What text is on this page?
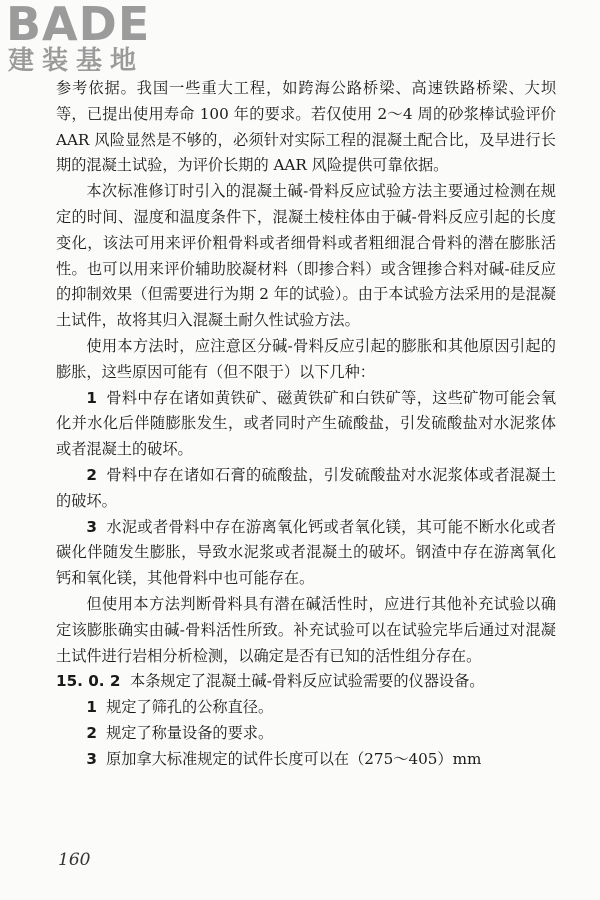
BADE
建装基地

参考依据。我国一些重大工程，如跨海公路桥梁、高速铁路桥梁、大坝等，已提出使用寿命 100 年的要求。若仅使用 2～4 周的砂浆棒试验评价 AAR 风险显然是不够的，必须针对实际工程的混凝土配合比，及早进行长期的混凝土试验，为评价长期的 AAR 风险提供可靠依据。

本次标准修订时引入的混凝土碱-骨料反应试验方法主要通过检测在规定的时间、湿度和温度条件下，混凝土棱柱体由于碱-骨料反应引起的长度变化，该法可用来评价粗骨料或者细骨料或者粗细混合骨料的潜在膨胀活性。也可以用来评价辅助胶凝材料（即掺合料）或含锂掺合料对碱-硅反应的抑制效果（但需要进行为期 2 年的试验）。由于本试验方法采用的是混凝土试件，故将其归入混凝土耐久性试验方法。

使用本方法时，应注意区分碱-骨料反应引起的膨胀和其他原因引起的膨胀，这些原因可能有（但不限于）以下几种：

1 骨料中存在诸如黄铁矿、磁黄铁矿和白铁矿等，这些矿物可能会氧化并水化后伴随膨胀发生，或者同时产生硫酸盐，引发硫酸盐对水泥浆体或者混凝土的破坏。

2 骨料中存在诸如石膏的硫酸盐，引发硫酸盐对水泥浆体或者混凝土的破坏。

3 水泥或者骨料中存在游离氧化钙或者氧化镁，其可能不断水化或者碳化伴随发生膨胀，导致水泥浆或者混凝土的破坏。钢渣中存在游离氧化钙和氧化镁，其他骨料中也可能存在。

但使用本方法判断骨料具有潜在碱活性时，应进行其他补充试验以确定该膨胀确实由碱-骨料活性所致。补充试验可以在试验完毕后通过对混凝土试件进行岩相分析检测，以确定是否有已知的活性组分存在。

15. 0. 2 本条规定了混凝土碱-骨料反应试验需要的仪器设备。

1 规定了筛孔的公称直径。

2 规定了称量设备的要求。

3 原加拿大标准规定的试件长度可以在（275～405）mm

160
